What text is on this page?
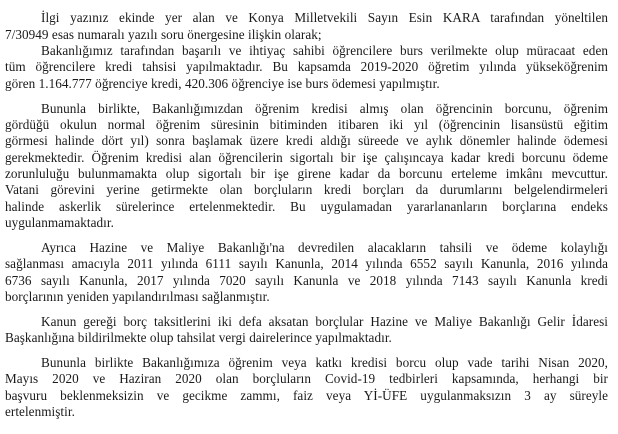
İlgi yazınız ekinde yer alan ve Konya Milletvekili Sayın Esin KARA tarafından yöneltilen
7/30949 esas numaralı yazılı soru önergesine ilişkin olarak;
Bakanlığımız tarafından başarılı ve ihtiyaç sahibi öğrencilere burs verilmekte olup müracaat eden
tüm öğrencilere kredi tahsisi yapılmaktadır. Bu kapsamda 2019-2020 öğretim yılında yükseköğrenim
gören 1.164.777 öğrenciye kredi, 420.306 öğrenciye ise burs ödemesi yapılmıştır.
Bununla birlikte, Bakanlığımızdan öğrenim kredisi almış olan öğrencinin borcunu, öğrenim
gördüğü okulun normal öğrenim süresinin bitiminden itibaren iki yıl (öğrencinin lisansüstü eğitim
görmesi halinde dört yıl) sonra başlamak üzere kredi aldığı süreede ve aylık dönemler halinde ödemesi
gerekmektedir. Öğrenim kredisi alan öğrencilerin sigortalı bir işe çalışıncaya kadar kredi borcunu ödeme
zorunluluğu bulunmamakta olup sigortalı bir işe girene kadar da borcunu erteleme imkânı mevcuttur.
Vatani görevini yerine getirmekte olan borçluların kredi borçları da durumlarını belgelendirmeleri
halinde askerlik sürelerince ertelenmektedir. Bu uygulamadan yararlananların borçlarına endeks
uygulanmamaktadır.
Ayrıca Hazine ve Maliye Bakanlığı'na devredilen alacakların tahsili ve ödeme kolaylığı
sağlanması amacıyla 2011 yılında 6111 sayılı Kanunla, 2014 yılında 6552 sayılı Kanunla, 2016 yılında
6736 sayılı Kanunla, 2017 yılında 7020 sayılı Kanunla ve 2018 yılında 7143 sayılı Kanunla kredi
borçlarının yeniden yapılandırılması sağlanmıştır.
Kanun gereği borç taksitlerini iki defa aksatan borçlular Hazine ve Maliye Bakanlığı Gelir İdaresi
Başkanlığına bildirilmekte olup tahsilat vergi dairelerince yapılmaktadır.
Bununla birlikte Bakanlığımıza öğrenim veya katkı kredisi borcu olup vade tarihi Nisan 2020,
Mayıs 2020 ve Haziran 2020 olan borçluların Covid-19 tedbirleri kapsamında, herhangi bir
başvuru beklenmeksizin ve gecikme zammı, faiz veya Yİ-ÜFE uygulanmaksızın 3 ay süreyle
ertelenmiştir.
